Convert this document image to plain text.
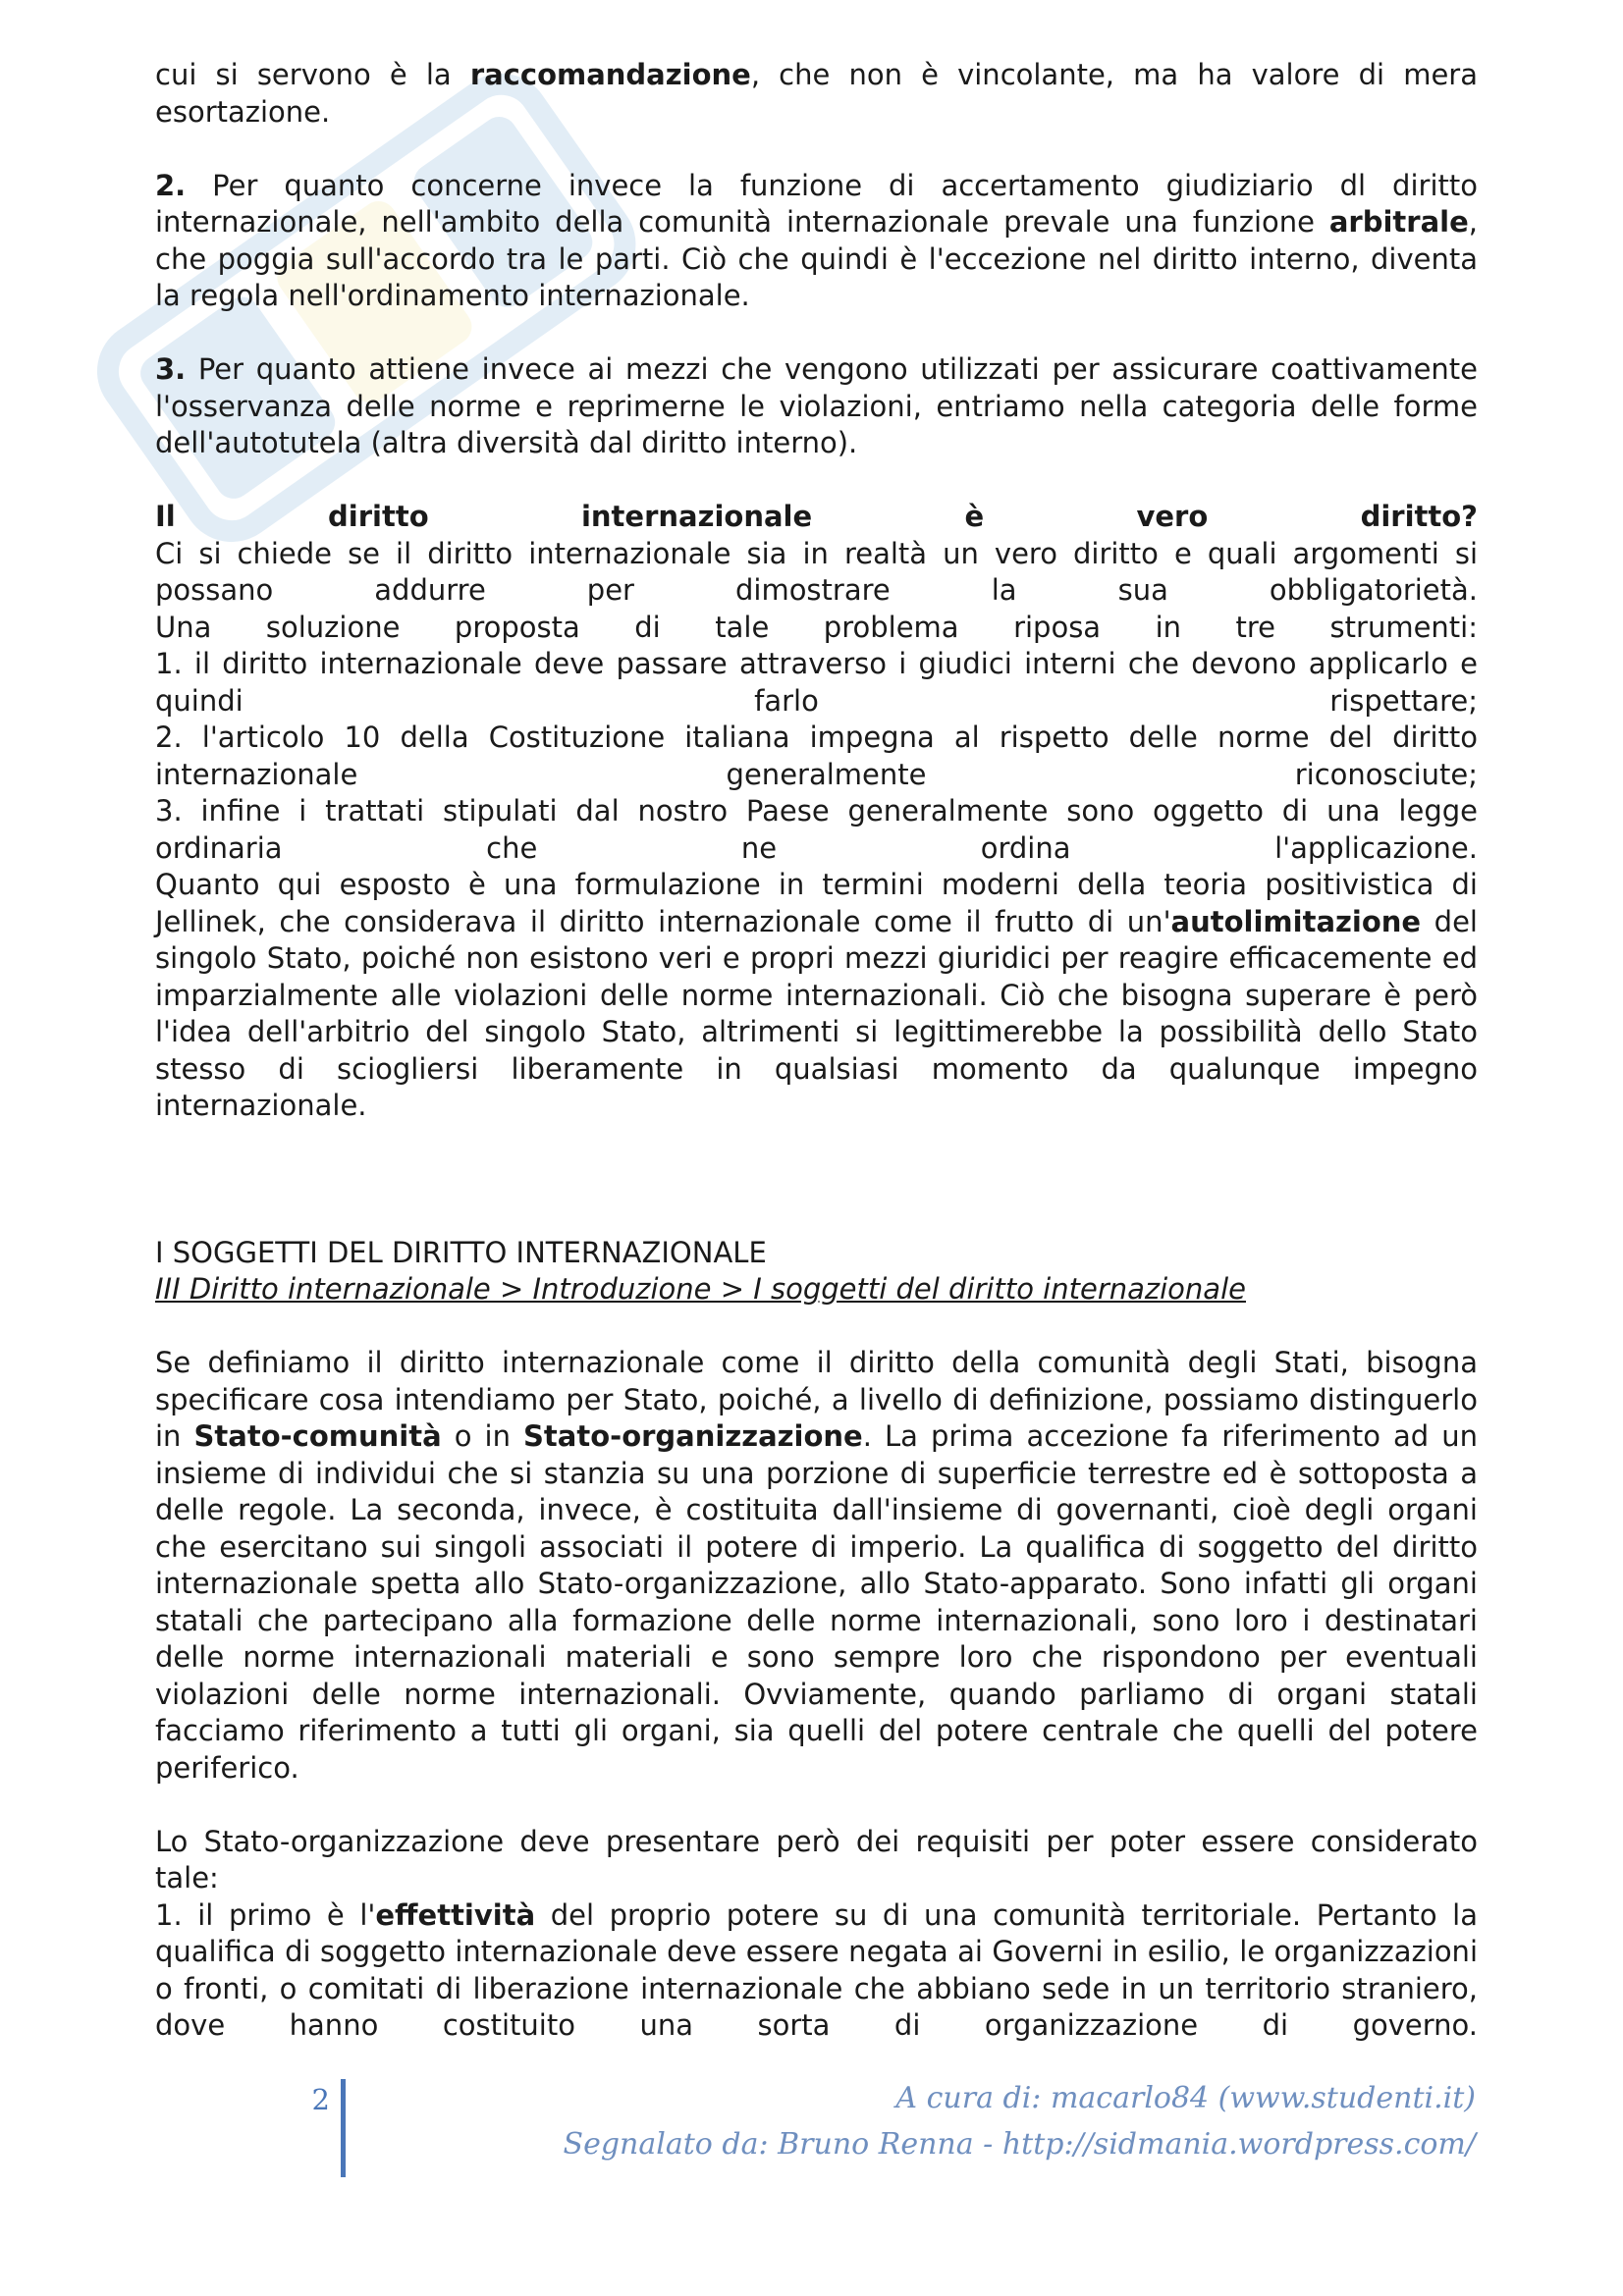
cui si servono è la raccomandazione, che non è vincolante, ma ha valore di mera esortazione.

2. Per quanto concerne invece la funzione di accertamento giudiziario dl diritto internazionale, nell'ambito della comunità internazionale prevale una funzione arbitrale, che poggia sull'accordo tra le parti. Ciò che quindi è l'eccezione nel diritto interno, diventa la regola nell'ordinamento internazionale.

3. Per quanto attiene invece ai mezzi che vengono utilizzati per assicurare coattivamente l'osservanza delle norme e reprimerne le violazioni, entriamo nella categoria delle forme dell'autotutela (altra diversità dal diritto interno).

Il diritto internazionale è vero diritto?

Ci si chiede se il diritto internazionale sia in realtà un vero diritto e quali argomenti si possano addurre per dimostrare la sua obbligatorietà.

Una soluzione proposta di tale problema riposa in tre strumenti:

1. il diritto internazionale deve passare attraverso i giudici interni che devono applicarlo e quindi farlo rispettare;

2. l'articolo 10 della Costituzione italiana impegna al rispetto delle norme del diritto internazionale generalmente riconosciute;

3. infine i trattati stipulati dal nostro Paese generalmente sono oggetto di una legge ordinaria che ne ordina l'applicazione.

Quanto qui esposto è una formulazione in termini moderni della teoria positivistica di Jellinek, che considerava il diritto internazionale come il frutto di un'autolimitazione del singolo Stato, poiché non esistono veri e propri mezzi giuridici per reagire efficacemente ed imparzialmente alle violazioni delle norme internazionali. Ciò che bisogna superare è però l'idea dell'arbitrio del singolo Stato, altrimenti si legittimerebbe la possibilità dello Stato stesso di sciogliersi liberamente in qualsiasi momento da qualunque impegno internazionale.

I SOGGETTI DEL DIRITTO INTERNAZIONALE

III Diritto internazionale > Introduzione > I soggetti del diritto internazionale

Se definiamo il diritto internazionale come il diritto della comunità degli Stati, bisogna specificare cosa intendiamo per Stato, poiché, a livello di definizione, possiamo distinguerlo in Stato-comunità o in Stato-organizzazione. La prima accezione fa riferimento ad un insieme di individui che si stanzia su una porzione di superficie terrestre ed è sottoposta a delle regole. La seconda, invece, è costituita dall'insieme di governanti, cioè degli organi che esercitano sui singoli associati il potere di imperio. La qualifica di soggetto del diritto internazionale spetta allo Stato-organizzazione, allo Stato-apparato. Sono infatti gli organi statali che partecipano alla formazione delle norme internazionali, sono loro i destinatari delle norme internazionali materiali e sono sempre loro che rispondono per eventuali violazioni delle norme internazionali. Ovviamente, quando parliamo di organi statali facciamo riferimento a tutti gli organi, sia quelli del potere centrale che quelli del potere periferico.

Lo Stato-organizzazione deve presentare però dei requisiti per poter essere considerato tale:

1. il primo è l'effettività del proprio potere su di una comunità territoriale. Pertanto la qualifica di soggetto internazionale deve essere negata ai Governi in esilio, le organizzazioni o fronti, o comitati di liberazione internazionale che abbiano sede in un territorio straniero, dove hanno costituito una sorta di organizzazione di governo.

2	A cura di: macarlo84 (www.studenti.it)
Segnalato da: Bruno Renna - http://sidmania.wordpress.com/
